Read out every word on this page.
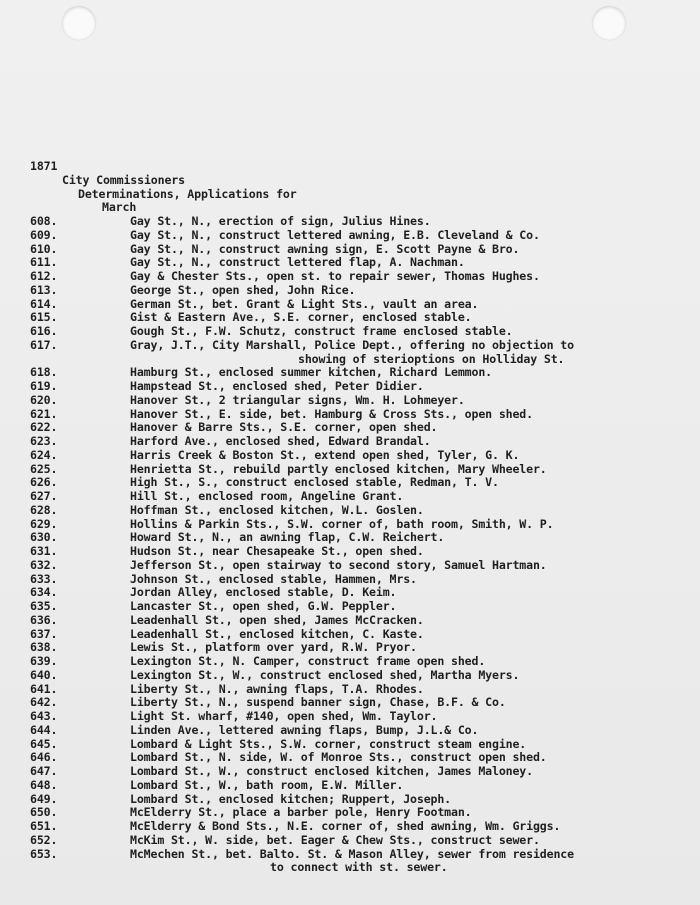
1871
City Commissioners
Determinations, Applications for
March
608.	Gay St., N., erection of sign, Julius Hines.
609.	Gay St., N., construct lettered awning, E.B. Cleveland & Co.
610.	Gay St., N., construct awning sign, E. Scott Payne & Bro.
611.	Gay St., N., construct lettered flap, A. Nachman.
612.	Gay & Chester Sts., open st. to repair sewer, Thomas Hughes.
613.	George St., open shed, John Rice.
614.	German St., bet. Grant & Light Sts., vault an area.
615.	Gist & Eastern Ave., S.E. corner, enclosed stable.
616.	Gough St., F.W. Schutz, construct frame enclosed stable.
617.	Gray, J.T., City Marshall, Police Dept., offering no objection to
showing of sterioptions on Holliday St.
618.	Hamburg St., enclosed summer kitchen, Richard Lemmon.
619.	Hampstead St., enclosed shed, Peter Didier.
620.	Hanover St., 2 triangular signs, Wm. H. Lohmeyer.
621.	Hanover St., E. side, bet. Hamburg & Cross Sts., open shed.
622.	Hanover & Barre Sts., S.E. corner, open shed.
623.	Harford Ave., enclosed shed, Edward Brandal.
624.	Harris Creek & Boston St., extend open shed, Tyler, G. K.
625.	Henrietta St., rebuild partly enclosed kitchen, Mary Wheeler.
626.	High St., S., construct enclosed stable, Redman, T. V.
627.	Hill St., enclosed room, Angeline Grant.
628.	Hoffman St., enclosed kitchen, W.L. Goslen.
629.	Hollins & Parkin Sts., S.W. corner of, bath room, Smith, W. P.
630.	Howard St., N., an awning flap, C.W. Reichert.
631.	Hudson St., near Chesapeake St., open shed.
632.	Jefferson St., open stairway to second story, Samuel Hartman.
633.	Johnson St., enclosed stable, Hammen, Mrs.
634.	Jordan Alley, enclosed stable, D. Keim.
635.	Lancaster St., open shed, G.W. Peppler.
636.	Leadenhall St., open shed, James McCracken.
637.	Leadenhall St., enclosed kitchen, C. Kaste.
638.	Lewis St., platform over yard, R.W. Pryor.
639.	Lexington St., N. Camper, construct frame open shed.
640.	Lexington St., W., construct enclosed shed, Martha Myers.
641.	Liberty St., N., awning flaps, T.A. Rhodes.
642.	Liberty St., N., suspend banner sign, Chase, B.F. & Co.
643.	Light St. wharf, #140, open shed, Wm. Taylor.
644.	Linden Ave., lettered awning flaps, Bump, J.L.& Co.
645.	Lombard & Light Sts., S.W. corner, construct steam engine.
646.	Lombard St., N. side, W. of Monroe Sts., construct open shed.
647.	Lombard St., W., construct enclosed kitchen, James Maloney.
648.	Lombard St., W., bath room, E.W. Miller.
649.	Lombard St., enclosed kitchen; Ruppert, Joseph.
650.	McElderry St., place a barber pole, Henry Footman.
651.	McElderry & Bond Sts., N.E. corner of, shed awning, Wm. Griggs.
652.	McKim St., W. side, bet. Eager & Chew Sts., construct sewer.
653.	McMechen St., bet. Balto. St. & Mason Alley, sewer from residence
to connect with st. sewer.
